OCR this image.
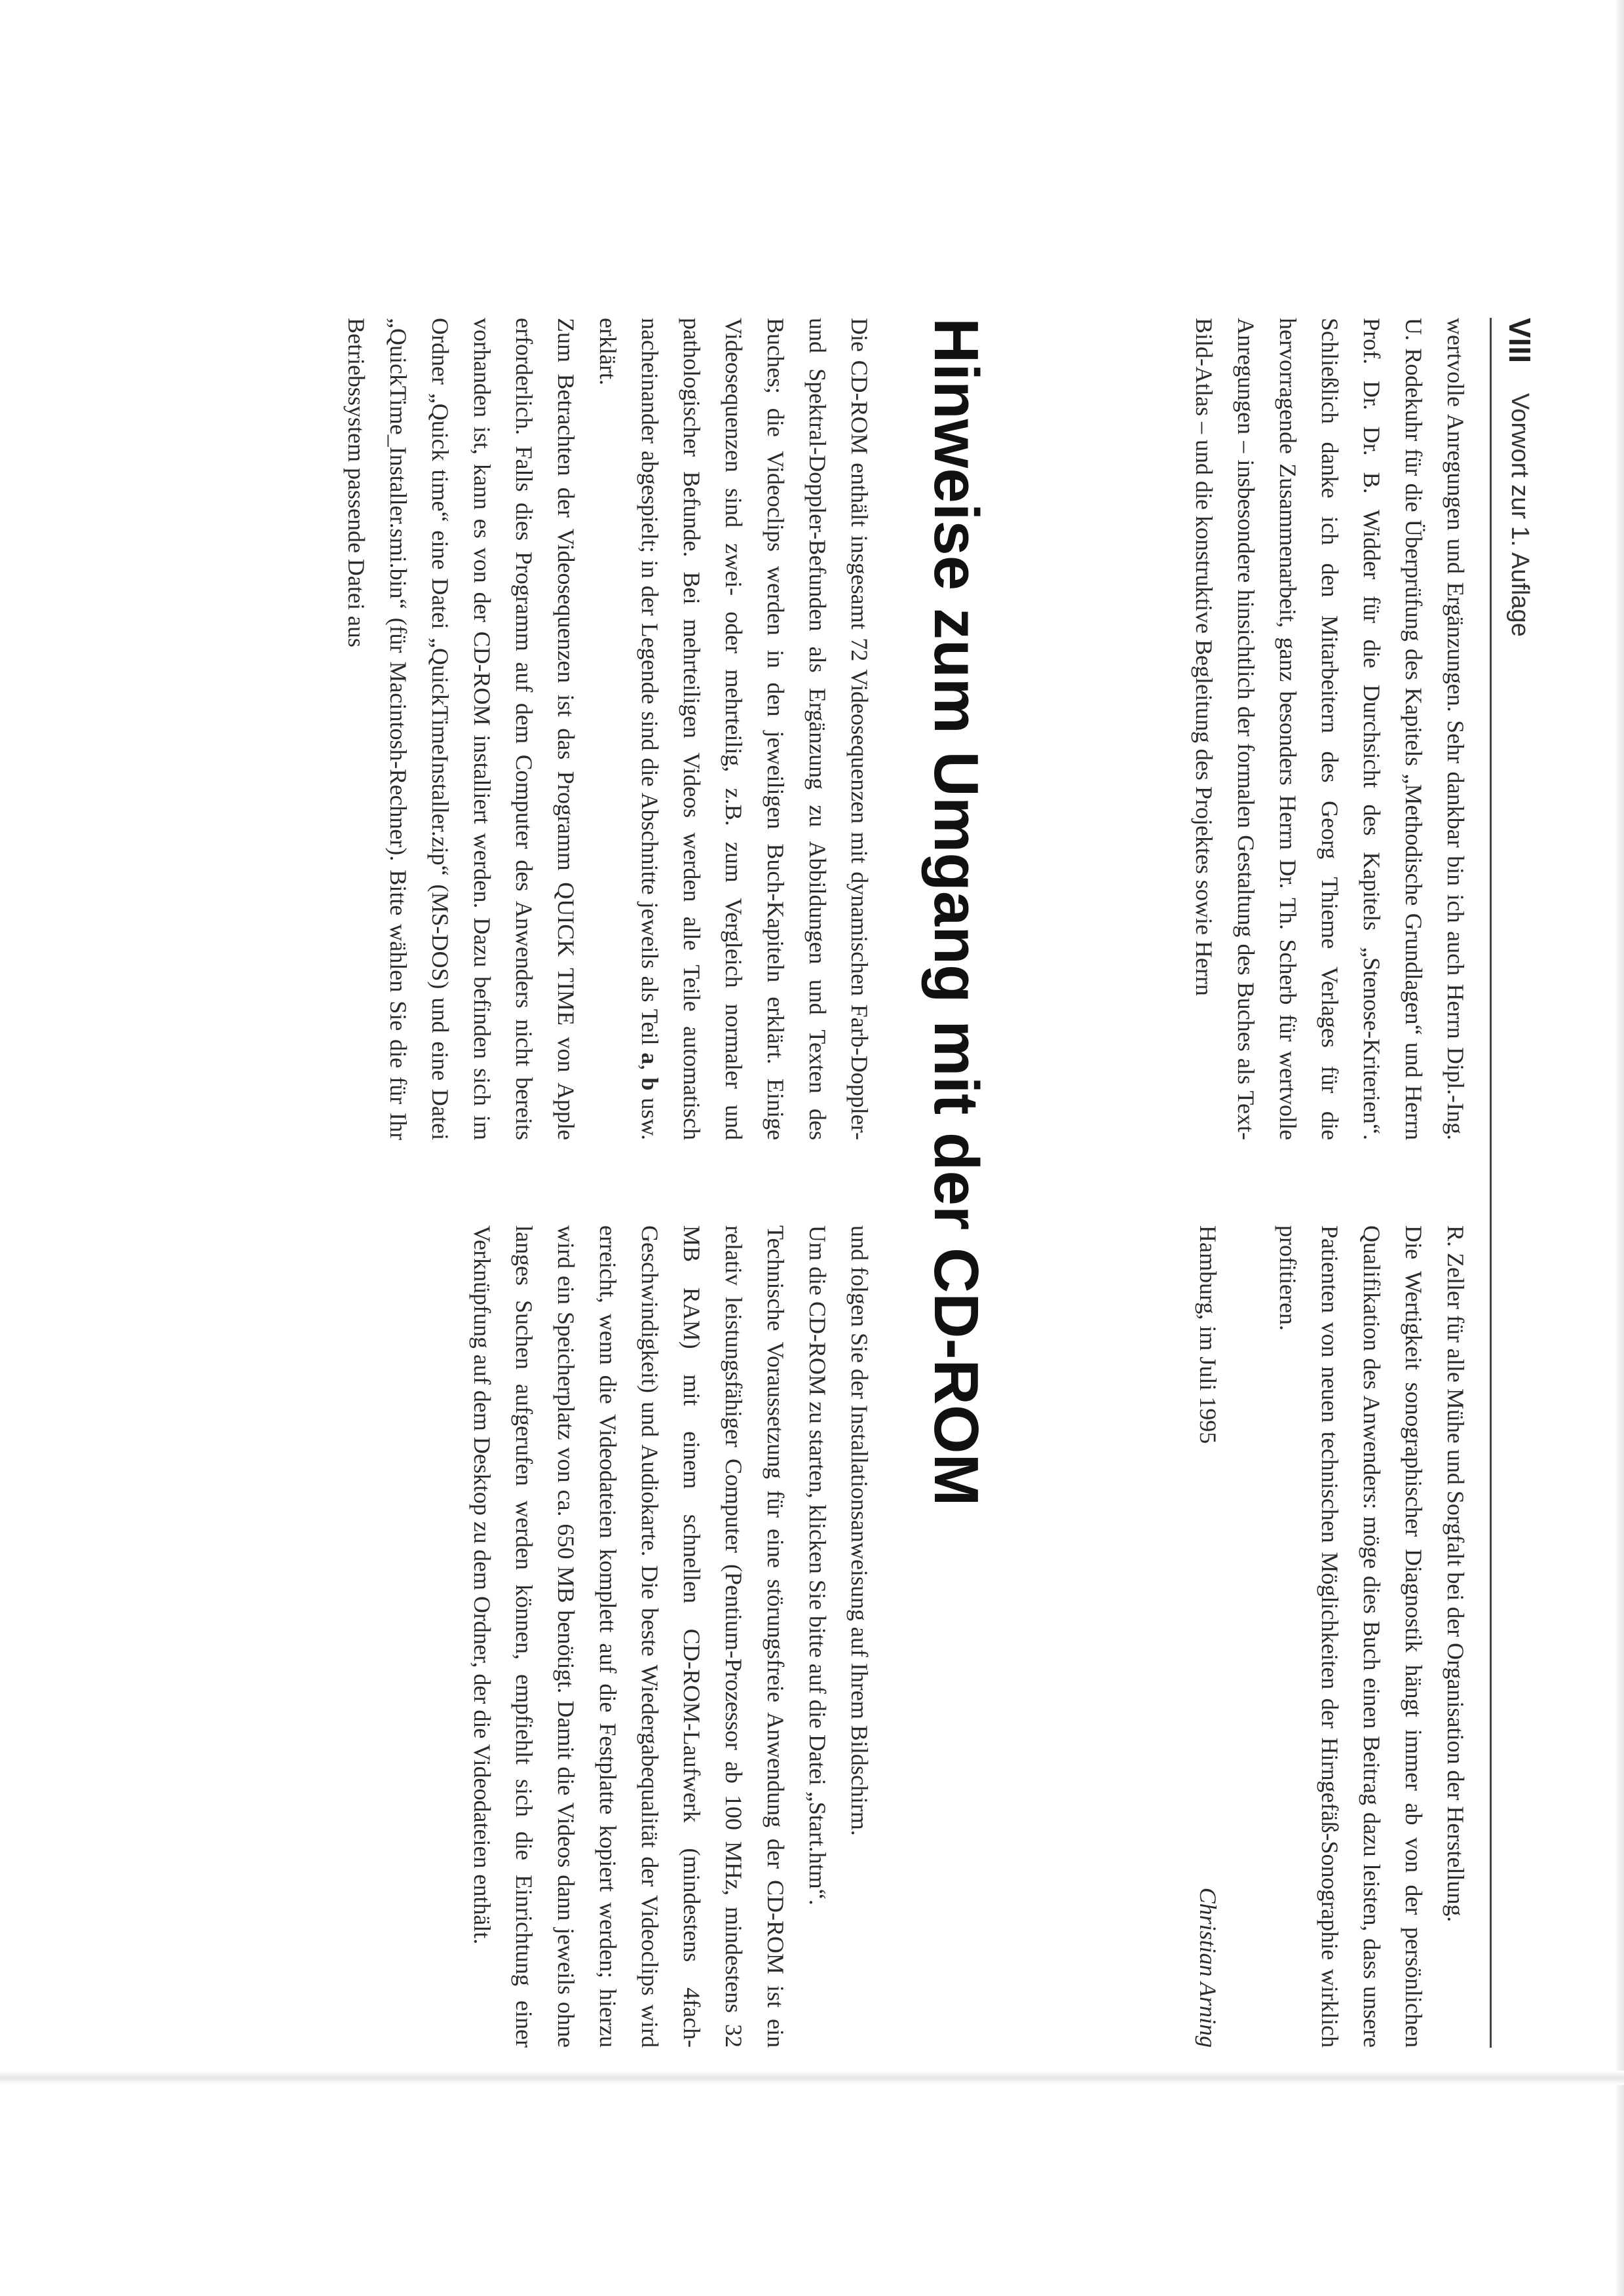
VIII
Vorwort zur 1. Auflage

wertvolle Anregungen und Ergänzungen. Sehr dankbar bin ich auch Herrn Dipl.-Ing. U. Rodekuhr für die Überprüfung des Kapitels „Methodische Grundlagen“ und Herrn Prof. Dr. Dr. B. Widder für die Durchsicht des Kapitels „Stenose-Kriterien“. Schließlich danke ich den Mitarbeitern des Georg Thieme Verlages für die hervorragende Zusammenarbeit, ganz besonders Herrn Dr. Th. Scherb für wertvolle Anregungen – insbesondere hinsichtlich der formalen Gestaltung des Buches als Text-Bild-Atlas – und die konstruktive Begleitung des Projektes sowie Herrn

R. Zeller für alle Mühe und Sorgfalt bei der Organisation der Herstellung.

Die Wertigkeit sonographischer Diagnostik hängt immer ab von der persönlichen Qualifikation des Anwenders: möge dies Buch einen Beitrag dazu leisten, dass unsere Patienten von neuen technischen Möglichkeiten der Hirngefäß-Sonographie wirklich profitieren.

Hamburg, im Juli 1995
Christian Arning

Hinweise zum Umgang mit der CD-ROM

Die CD-ROM enthält insgesamt 72 Videosequenzen mit dynamischen Farb-Doppler- und Spektral-Doppler-Befunden als Ergänzung zu Abbildungen und Texten des Buches; die Videoclips werden in den jeweiligen Buch-Kapiteln erklärt. Einige Videosequenzen sind zwei- oder mehrteilig, z.B. zum Vergleich normaler und pathologischer Befunde. Bei mehrteiligen Videos werden alle Teile automatisch nacheinander abgespielt; in der Legende sind die Abschnitte jeweils als Teil a, b usw. erklärt.

Zum Betrachten der Videosequenzen ist das Programm QUICK TIME von Apple erforderlich. Falls dies Programm auf dem Computer des Anwenders nicht bereits vorhanden ist, kann es von der CD-ROM installiert werden. Dazu befinden sich im Ordner „Quick time“ eine Datei „QuickTimeInstaller.zip“ (MS-DOS) und eine Datei „QuickTime_Installer.smi.bin“ (für Macintosh-Rechner). Bitte wählen Sie die für Ihr Betriebssystem passende Datei aus

und folgen Sie der Installationsanweisung auf Ihrem Bildschirm.

Um die CD-ROM zu starten, klicken Sie bitte auf die Datei „Start.htm“.

Technische Voraussetzung für eine störungsfreie Anwendung der CD-ROM ist ein relativ leistungsfähiger Computer (Pentium-Prozessor ab 100 MHz, mindestens 32 MB RAM) mit einem schnellen CD-ROM-Laufwerk (mindestens 4fach-Geschwindigkeit) und Audiokarte. Die beste Wiedergabequalität der Videoclips wird erreicht, wenn die Videodateien komplett auf die Festplatte kopiert werden; hierzu wird ein Speicherplatz von ca. 650 MB benötigt. Damit die Videos dann jeweils ohne langes Suchen aufgerufen werden können, empfiehlt sich die Einrichtung einer Verknüpfung auf dem Desktop zu dem Ordner, der die Videodateien enthält.
